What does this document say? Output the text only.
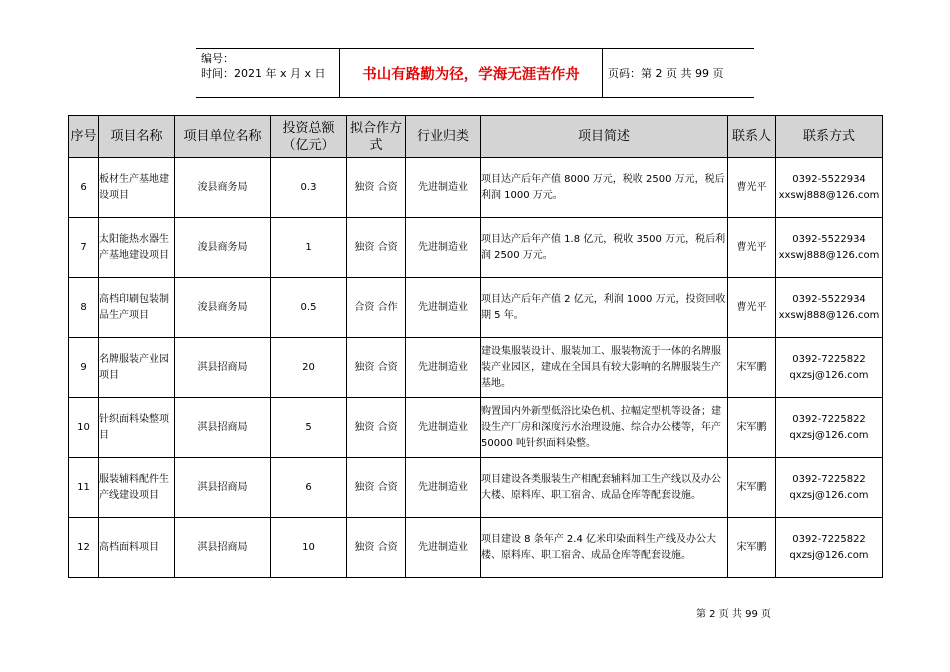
编号：
时间：2021 年 x 月 x 日	书山有路勤为径，学海无涯苦作舟	页码：第 2 页 共 99 页
序号	项目名称	项目单位名称	投资总额（亿元）	拟合作方式	行业归类	项目简述	联系人	联系方式
6	板材生产基地建设项目	浚县商务局	0.3	独资 合资	先进制造业	项目达产后年产值 8000 万元，税收 2500 万元，税后利润 1000 万元。	曹光平	0392-5522934
xxswj888@126.com

7	太阳能热水器生产基地建设项目	浚县商务局	1	独资 合资	先进制造业	项目达产后年产值 1.8 亿元，税收 3500 万元，税后利润 2500 万元。	曹光平	0392-5522934
xxswj888@126.com

8	高档印刷包装制品生产项目	浚县商务局	0.5	合资 合作	先进制造业	项目达产后年产值 2 亿元，利润 1000 万元，投资回收期 5 年。	曹光平	0392-5522934
xxswj888@126.com

9	名牌服装产业园项目	淇县招商局	20	独资 合资	先进制造业	建设集服装设计、服装加工、服装物流于一体的名牌服装产业园区，建成在全国具有较大影响的名牌服装生产基地。	宋军鹏	0392-7225822
qxzsj@126.com

10	针织面料染整项目	淇县招商局	5	独资 合资	先进制造业	购置国内外新型低浴比染色机、拉幅定型机等设备；建设生产厂房和深度污水治理设施、综合办公楼等，年产 50000 吨针织面料染整。	宋军鹏	0392-7225822
qxzsj@126.com

11	服装辅料配件生产线建设项目	淇县招商局	6	独资 合资	先进制造业	项目建设各类服装生产相配套辅料加工生产线以及办公大楼、原料库、职工宿舍、成品仓库等配套设施。	宋军鹏	0392-7225822
qxzsj@126.com

12	高档面料项目	淇县招商局	10	独资 合资	先进制造业	项目建设 8 条年产 2.4 亿米印染面料生产线及办公大楼、原料库、职工宿舍、成品仓库等配套设施。	宋军鹏	0392-7225822
qxzsj@126.com
第 2 页 共 99 页
